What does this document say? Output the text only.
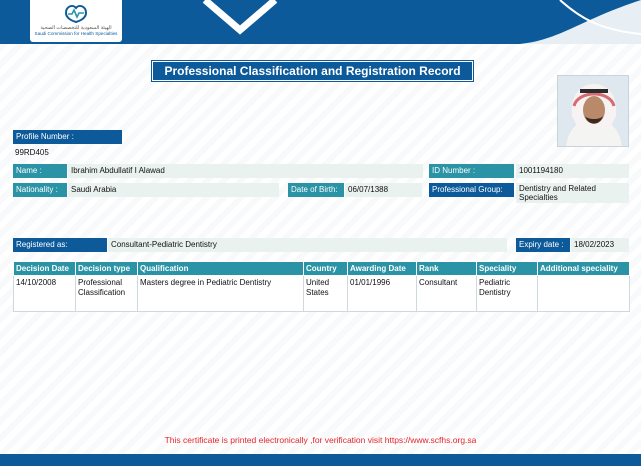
الهيئة السعودية للتخصصات الصحية
Saudi Commission for Health Specialties
Professional Classification and Registration Record
Profile Number :
99RD405
Name :	Ibrahim Abdullatif I Alawad	ID Number :	1001194180
Nationality :	Saudi Arabia	Date of Birth:	06/07/1388	Professional Group:	Dentistry and Related Specialties
Registered as:	Consultant-Pediatric Dentistry	Expiry date :	18/02/2023
Decision Date	Decision type	Qualification	Country	Awarding Date	Rank	Speciality	Additional speciality
14/10/2008	Professional Classification	Masters degree in Pediatric Dentistry	United States	01/01/1996	Consultant	Pediatric Dentistry	
This certificate is printed electronically ,for verification visit https://www.scfhs.org.sa
